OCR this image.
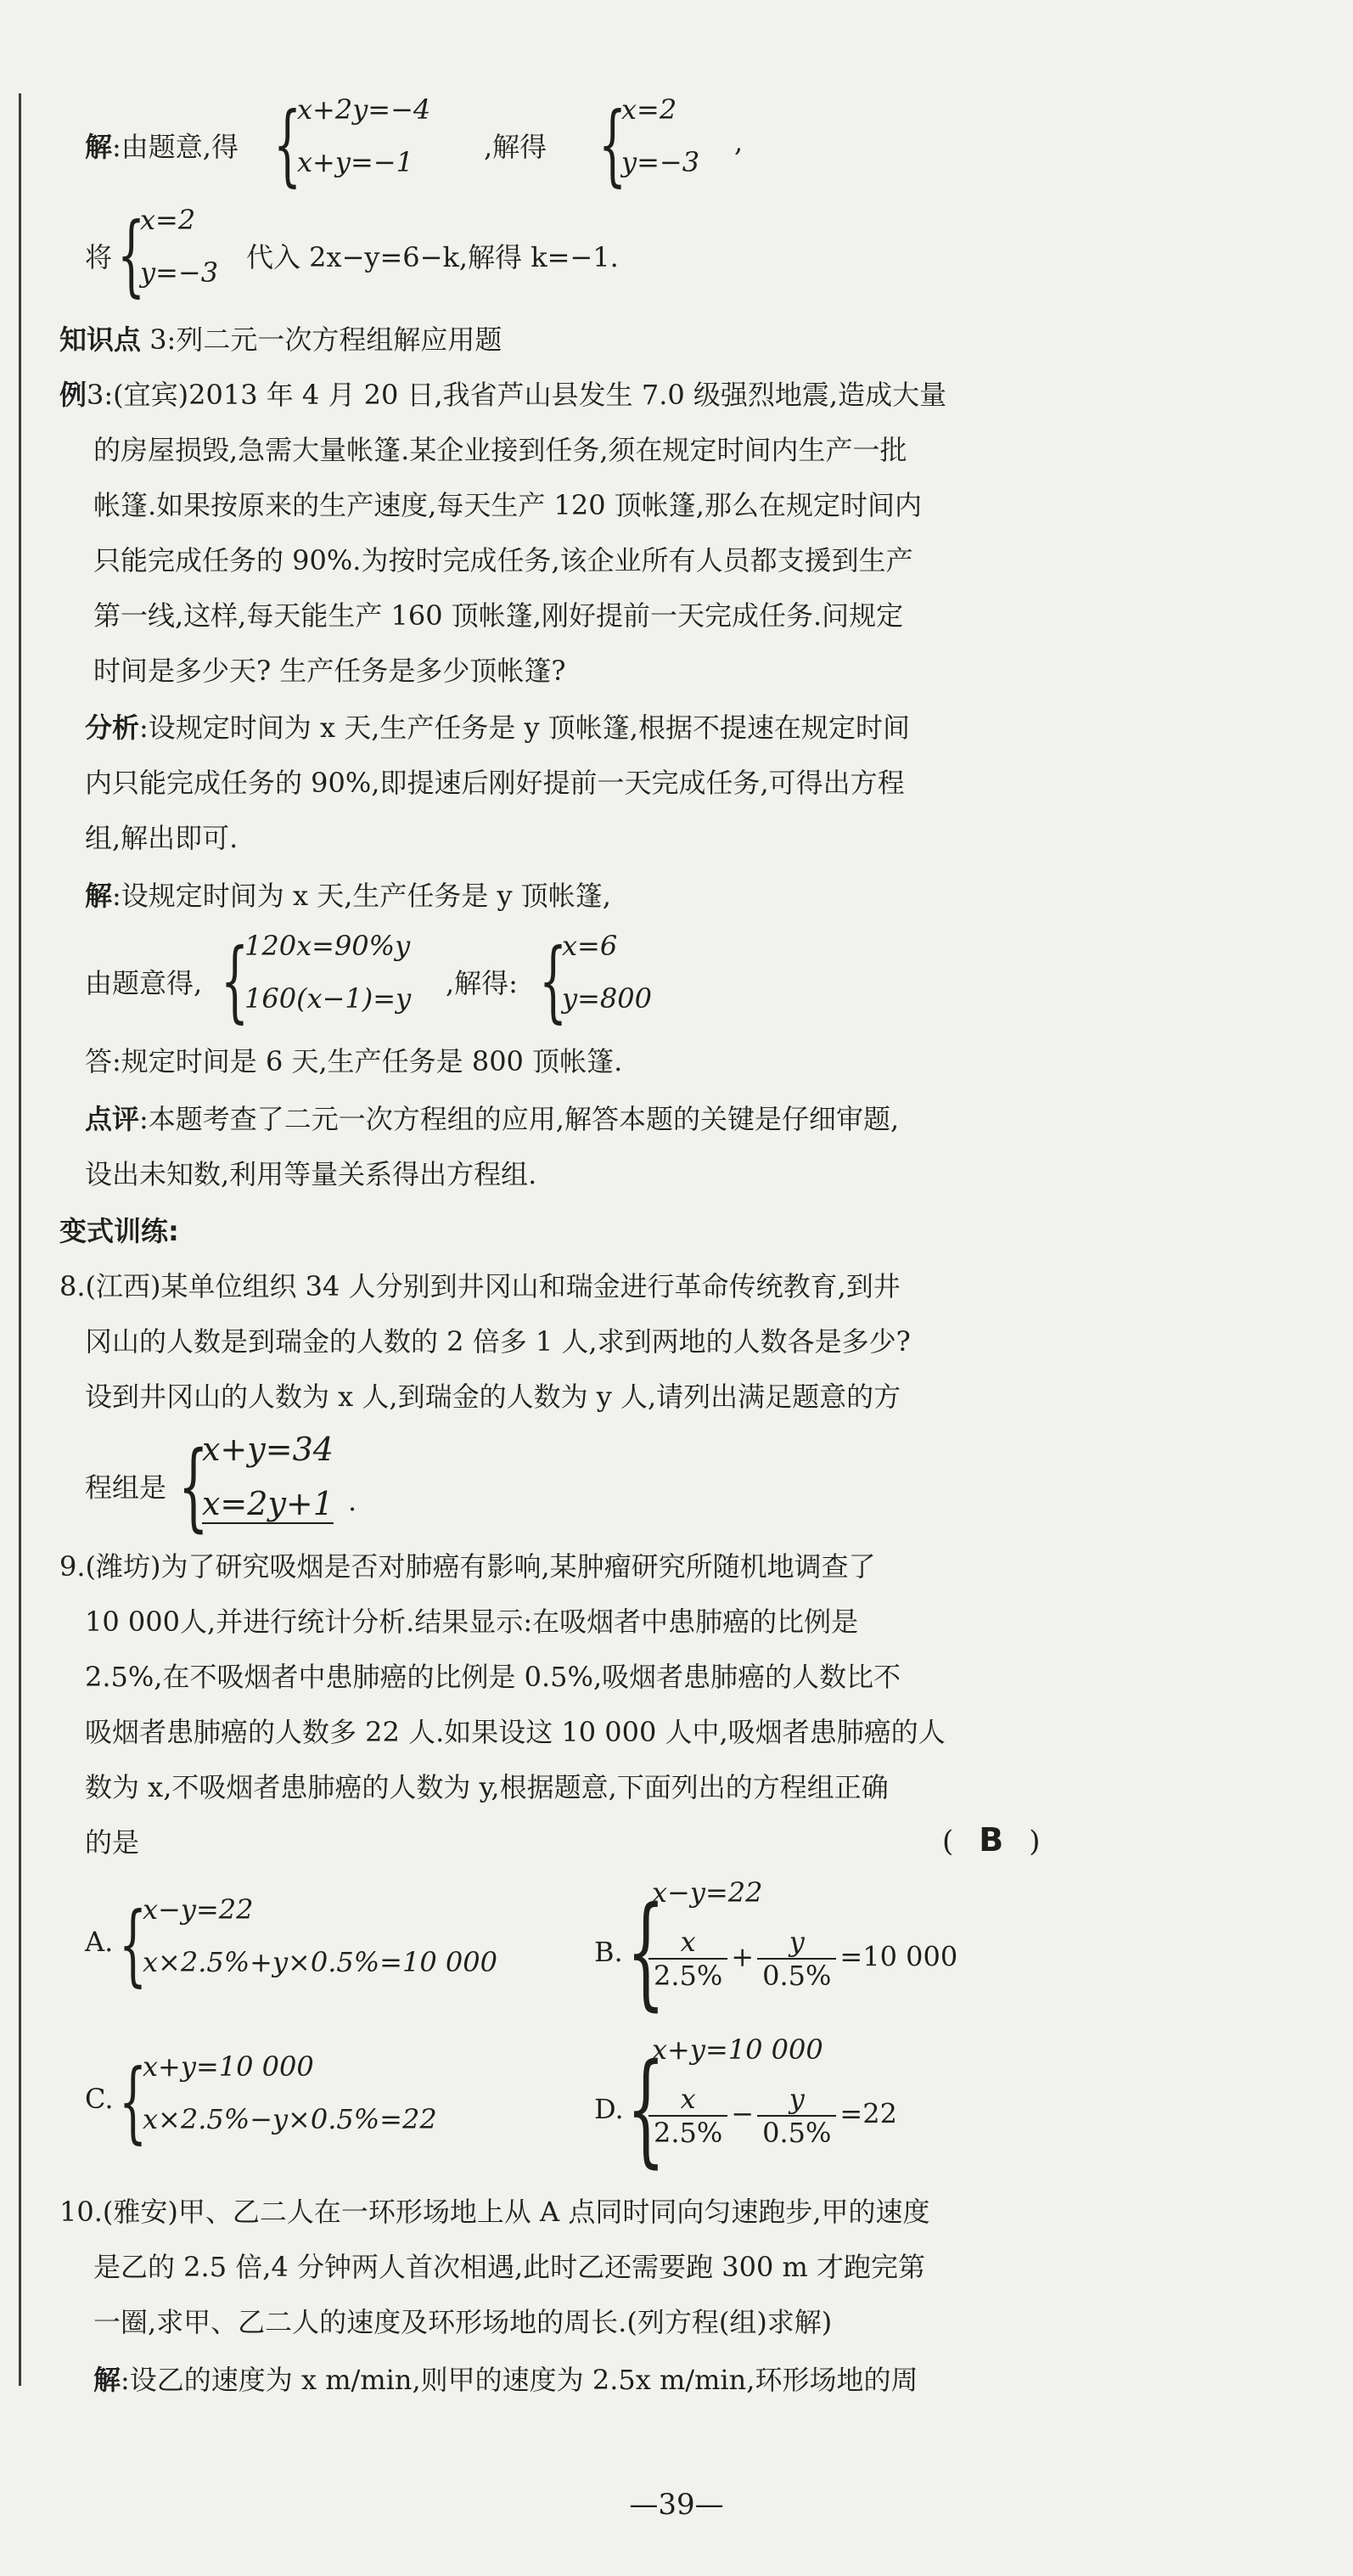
解:由题意,得 {
x+2y=−4
x+y=−1	,解得 {
x=2
y=−3
,
将 {
x=2
y=−3 代入 2x−y=6−k,解得 k=−1.
知识点 3:列二元一次方程组解应用题
例3:(宜宾)2013 年 4 月 20 日,我省芦山县发生 7.0 级强烈地震,造成大量
的房屋损毁,急需大量帐篷.某企业接到任务,须在规定时间内生产一批
帐篷.如果按原来的生产速度,每天生产 120 顶帐篷,那么在规定时间内
只能完成任务的 90%.为按时完成任务,该企业所有人员都支援到生产
第一线,这样,每天能生产 160 顶帐篷,刚好提前一天完成任务.问规定
时间是多少天? 生产任务是多少顶帐篷?
分析:设规定时间为 x 天,生产任务是 y 顶帐篷,根据不提速在规定时间
内只能完成任务的 90%,即提速后刚好提前一天完成任务,可得出方程
组,解出即可.
解:设规定时间为 x 天,生产任务是 y 顶帐篷,
由题意得, {
120x=90%y
160(x−1)=y ,解得: {
x=6
y=800
答:规定时间是 6 天,生产任务是 800 顶帐篷.
点评:本题考查了二元一次方程组的应用,解答本题的关键是仔细审题,
设出未知数,利用等量关系得出方程组.
变式训练:
8.(江西)某单位组织 34 人分别到井冈山和瑞金进行革命传统教育,到井
冈山的人数是到瑞金的人数的 2 倍多 1 人,求到两地的人数各是多少?
设到井冈山的人数为 x 人,到瑞金的人数为 y 人,请列出满足题意的方
程组是 {
x+y=34
x=2y+1 .
9.(潍坊)为了研究吸烟是否对肺癌有影响,某肿瘤研究所随机地调查了
10 000人,并进行统计分析.结果显示:在吸烟者中患肺癌的比例是
2.5%,在不吸烟者中患肺癌的比例是 0.5%,吸烟者患肺癌的人数比不
吸烟者患肺癌的人数多 22 人.如果设这 10 000 人中,吸烟者患肺癌的人
数为 x,不吸烟者患肺癌的人数为 y,根据题意,下面列出的方程组正确
的是	( B )
A. {
x−y=22
x×2.5%+y×0.5%=10 000	B. {
x−y=22
$\frac{x}{2.5\%} + \frac{y}{0.5\%} =10$ 000
C. {
x+y=10 000
x×2.5%−y×0.5%=22	D. {
x+y=10 000
$\frac{x}{2.5\%} - \frac{y}{0.5\%} =22$
10.(雅安)甲、乙二人在一环形场地上从 A 点同时同向匀速跑步,甲的速度
是乙的 2.5 倍,4 分钟两人首次相遇,此时乙还需要跑 300 m 才跑完第
一圈,求甲、乙二人的速度及环形场地的周长.(列方程(组)求解)
解:设乙的速度为 x m/min,则甲的速度为 2.5x m/min,环形场地的周
—39—
